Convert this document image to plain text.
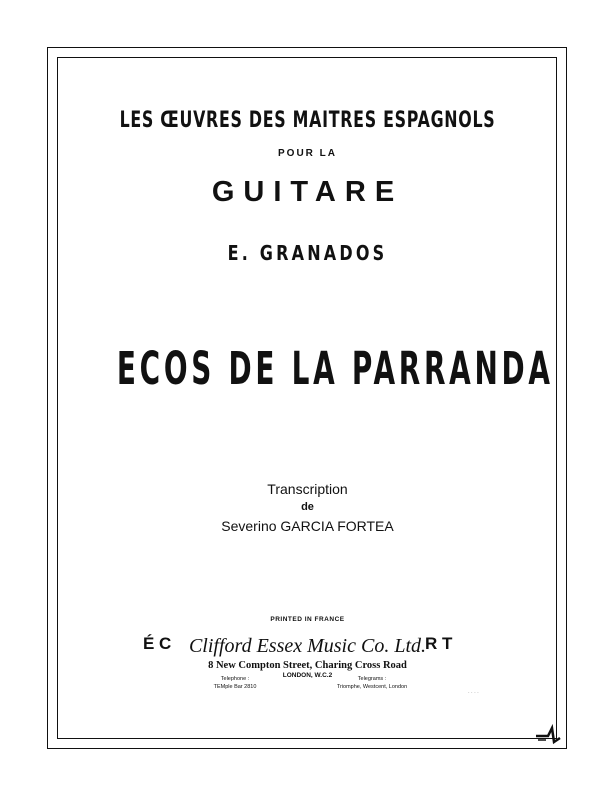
LES ŒUVRES DES MAITRES ESPAGNOLS
POUR LA
GUITARE
E. GRANADOS
ECOS DE LA PARRANDA
Transcription
de
Severino GARCIA FORTEA
PRINTED IN FRANCE
É C Clifford Essex Music Co. Ltd.
R T
8 New Compton Street, Charing Cross Road
Telephone :
TEMple Bar 2810
LONDON, W.C.2	Telegrams :
Triomphe, Westcent, London
· · · ·
